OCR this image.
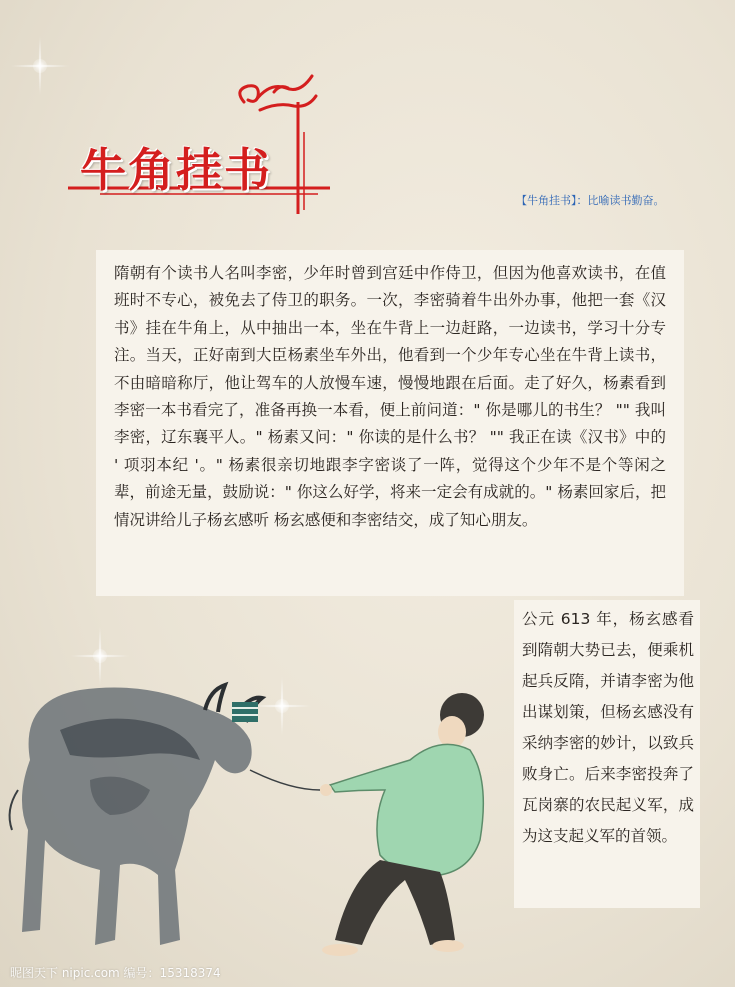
牛角挂书
【牛角挂书】：比喻读书勤奋。

隋朝有个读书人名叫李密，少年时曾到宫廷中作侍卫，但因为他喜欢读书，在值班时不专心，被免去了侍卫的职务。一次，李密骑着牛出外办事，他把一套《汉书》挂在牛角上，从中抽出一本，坐在牛背上一边赶路，一边读书，学习十分专注。当天，正好南到大臣杨素坐车外出，他看到一个少年专心坐在牛背上读书，不由暗暗称厅，他让驾车的人放慢车速，慢慢地跟在后面。走了好久，杨素看到李密一本书看完了，准备再换一本看，便上前问道：" 你是哪儿的书生？ "" 我叫李密，辽东襄平人。" 杨素又问：" 你读的是什么书？ "" 我正在读《汉书》中的 ' 项羽本纪 '。" 杨素很亲切地跟李字密谈了一阵，觉得这个少年不是个等闲之辈，前途无量，鼓励说：" 你这么好学，将来一定会有成就的。" 杨素回家后，把情况讲给儿子杨玄感听 杨玄感便和李密结交，成了知心朋友。

公元 613 年，杨玄感看到隋朝大势已去，便乘机起兵反隋，并请李密为他出谋划策，但杨玄感没有采纳李密的妙计，以致兵败身亡。后来李密投奔了瓦岗寨的农民起义军，成为这支起义军的首领。

昵图天下 nipic.com 编号：15318374
